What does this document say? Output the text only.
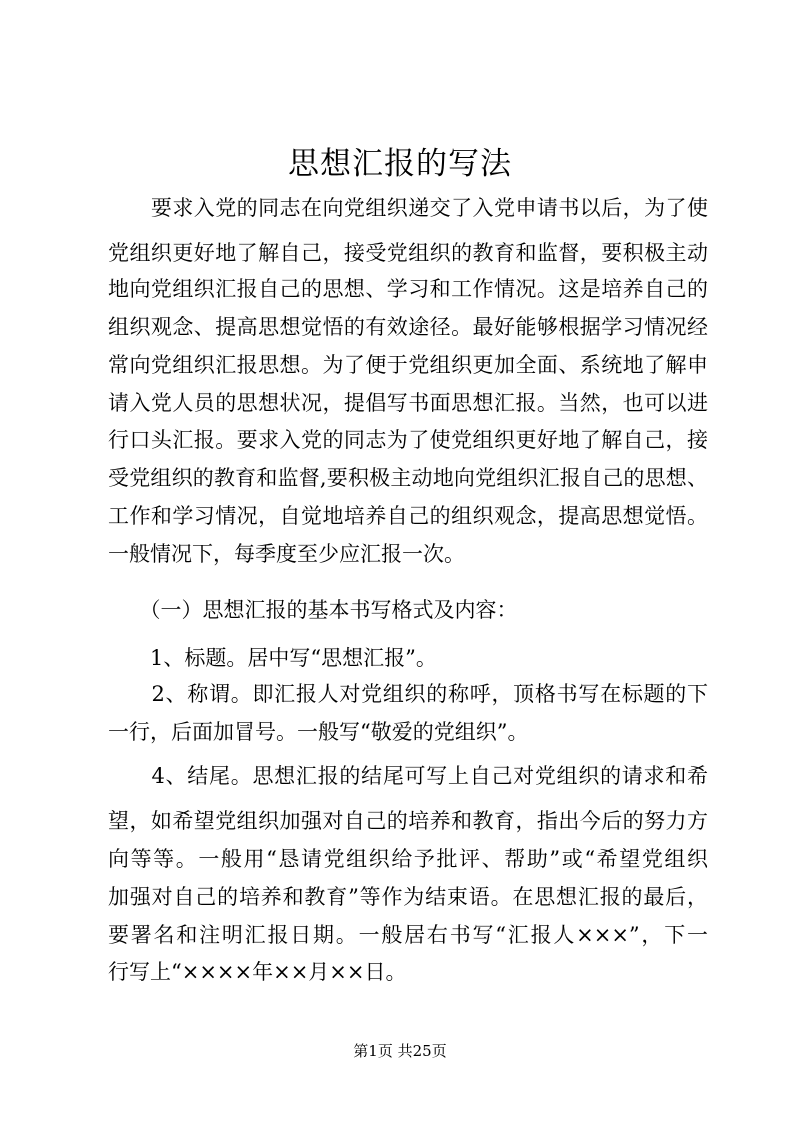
思想汇报的写法
　　要求入党的同志在向党组织递交了入党申请书以后，为了使
党组织更好地了解自己，接受党组织的教育和监督，要积极主动
地向党组织汇报自己的思想、学习和工作情况。这是培养自己的
组织观念、提高思想觉悟的有效途径。最好能够根据学习情况经
常向党组织汇报思想。为了便于党组织更加全面、系统地了解申
请入党人员的思想状况，提倡写书面思想汇报。当然，也可以进
行口头汇报。要求入党的同志为了使党组织更好地了解自己，接
受党组织的教育和监督,要积极主动地向党组织汇报自己的思想、
工作和学习情况，自觉地培养自己的组织观念，提高思想觉悟。
一般情况下，每季度至少应汇报一次。
　　（一）思想汇报的基本书写格式及内容：
　　1、标题。居中写“思想汇报”。
　　2、称谓。即汇报人对党组织的称呼，顶格书写在标题的下
一行，后面加冒号。一般写“敬爱的党组织”。
　　4、结尾。思想汇报的结尾可写上自己对党组织的请求和希
望，如希望党组织加强对自己的培养和教育，指出今后的努力方
向等等。一般用“恳请党组织给予批评、帮助”或“希望党组织
加强对自己的培养和教育”等作为结束语。在思想汇报的最后，
要署名和注明汇报日期。一般居右书写“汇报人×××”，下一
行写上“××××年××月××日。
第1页 共25页
